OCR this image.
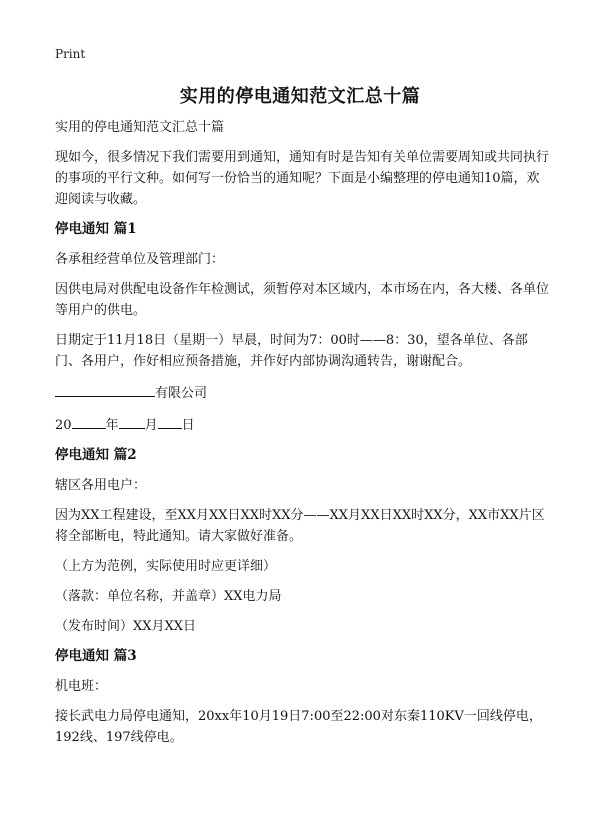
Print
实用的停电通知范文汇总十篇

实用的停电通知范文汇总十篇

现如今，很多情况下我们需要用到通知，通知有时是告知有关单位需要周知或共同执行的事项的平行文种。如何写一份恰当的通知呢？下面是小编整理的停电通知10篇，欢迎阅读与收藏。

停电通知 篇1

各承租经营单位及管理部门：

因供电局对供配电设备作年检测试，须暂停对本区域内，本市场在内，各大楼、各单位等用户的供电。

日期定于11月18日（星期一）早晨，时间为7：00时——8：30，望各单位、各部门、各用户，作好相应预备措施，并作好内部协调沟通转告，谢谢配合。

有限公司

20	年 月 日

停电通知 篇2

辖区各用电户：

因为XX工程建设，至XX月XX日XX时XX分——XX月XX日XX时XX分，XX市XX片区将全部断电，特此通知。请大家做好准备。

（上方为范例，实际使用时应更详细）

（落款：单位名称，并盖章）XX电力局

（发布时间）XX月XX日

停电通知 篇3

机电班：

接长武电力局停电通知，20xx年10月19日7:00至22:00对东秦110KV一回线停电，192线、197线停电。
